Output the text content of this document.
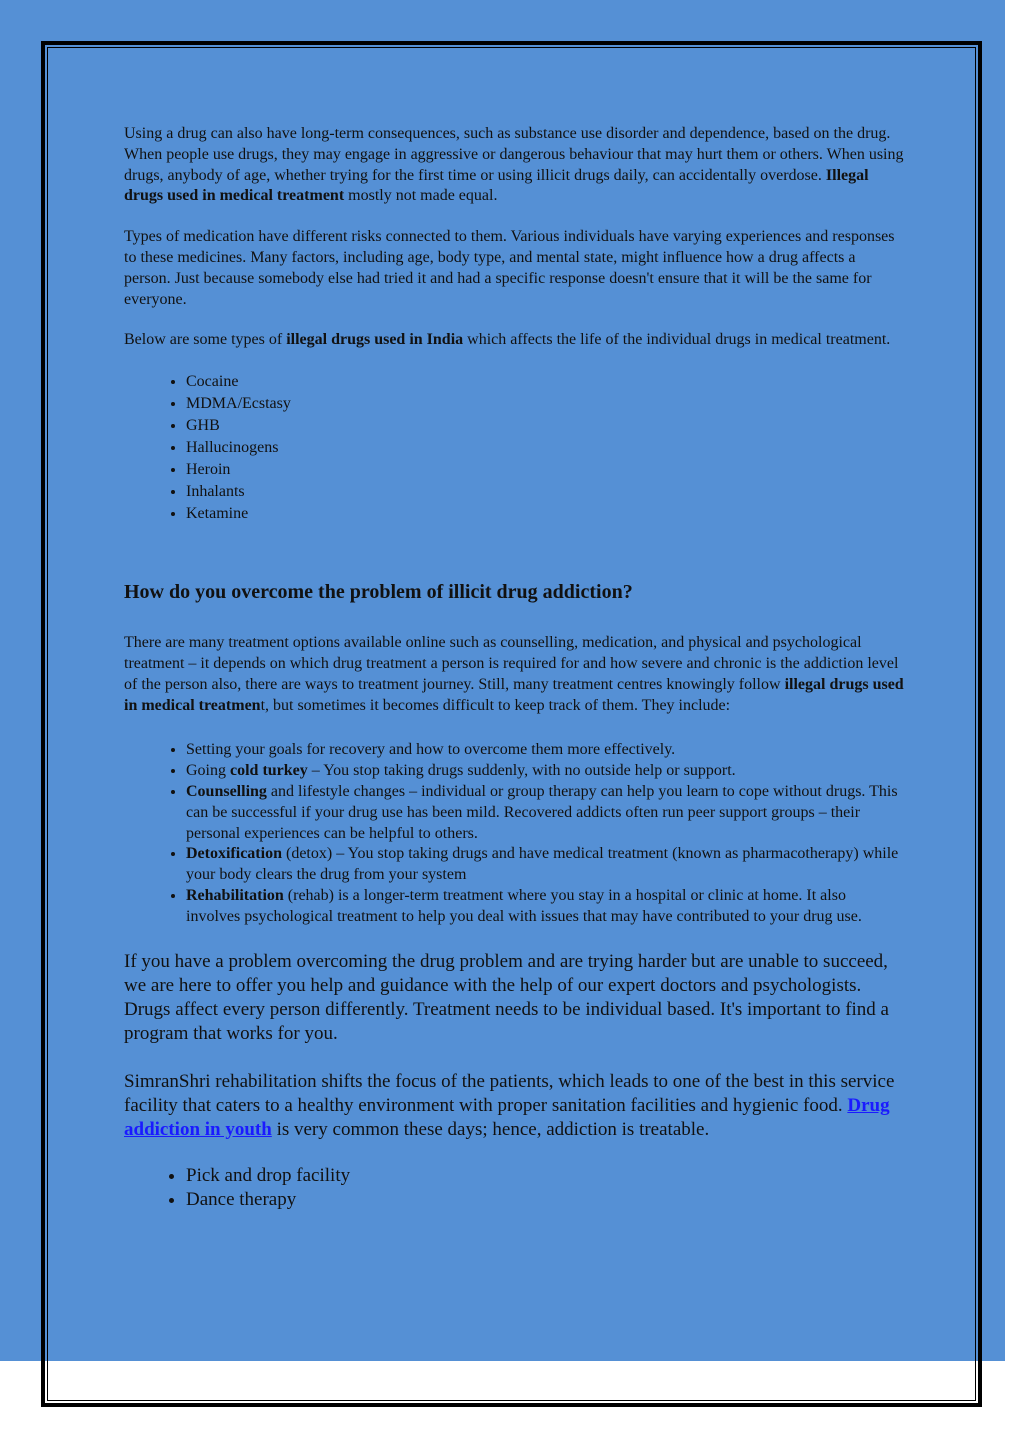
Using a drug can also have long-term consequences, such as substance use disorder and dependence, based on the drug. When people use drugs, they may engage in aggressive or dangerous behaviour that may hurt them or others. When using drugs, anybody of age, whether trying for the first time or using illicit drugs daily, can accidentally overdose. Illegal drugs used in medical treatment mostly not made equal.

Types of medication have different risks connected to them. Various individuals have varying experiences and responses to these medicines. Many factors, including age, body type, and mental state, might influence how a drug affects a person. Just because somebody else had tried it and had a specific response doesn't ensure that it will be the same for everyone.

Below are some types of illegal drugs used in India which affects the life of the individual drugs in medical treatment.

• Cocaine
• MDMA/Ecstasy
• GHB
• Hallucinogens
• Heroin
• Inhalants
• Ketamine
How do you overcome the problem of illicit drug addiction?

There are many treatment options available online such as counselling, medication, and physical and psychological treatment – it depends on which drug treatment a person is required for and how severe and chronic is the addiction level of the person also, there are ways to treatment journey. Still, many treatment centres knowingly follow illegal drugs used in medical treatment, but sometimes it becomes difficult to keep track of them. They include:

• Setting your goals for recovery and how to overcome them more effectively.
• Going cold turkey – You stop taking drugs suddenly, with no outside help or support.
• Counselling and lifestyle changes – individual or group therapy can help you learn to cope without drugs. This can be successful if your drug use has been mild. Recovered addicts often run peer support groups – their personal experiences can be helpful to others.
• Detoxification (detox) – You stop taking drugs and have medical treatment (known as pharmacotherapy) while your body clears the drug from your system
• Rehabilitation (rehab) is a longer-term treatment where you stay in a hospital or clinic at home. It also involves psychological treatment to help you deal with issues that may have contributed to your drug use.

If you have a problem overcoming the drug problem and are trying harder but are unable to succeed, we are here to offer you help and guidance with the help of our expert doctors and psychologists. Drugs affect every person differently. Treatment needs to be individual based. It's important to find a program that works for you.

SimranShri rehabilitation shifts the focus of the patients, which leads to one of the best in this service facility that caters to a healthy environment with proper sanitation facilities and hygienic food. Drug addiction in youth is very common these days; hence, addiction is treatable.

• Pick and drop facility
• Dance therapy
